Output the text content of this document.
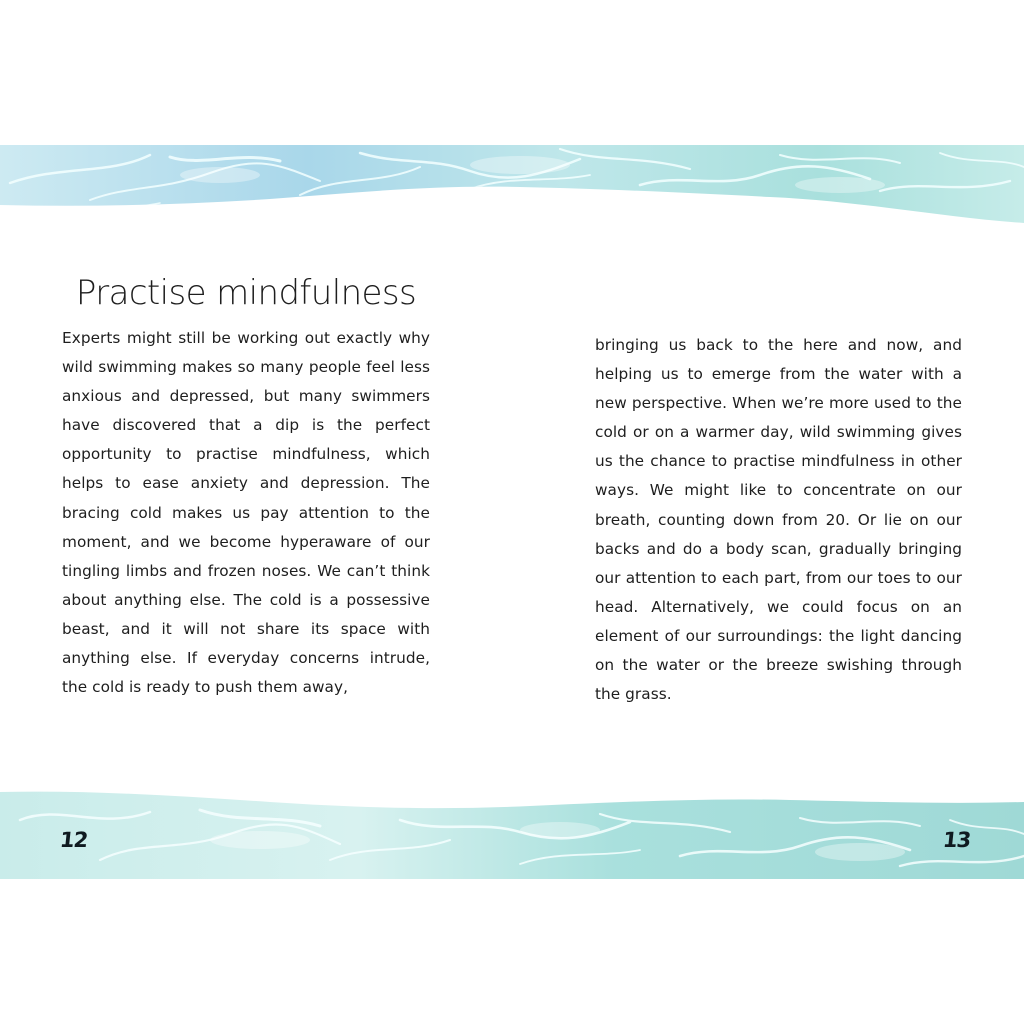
Practise mindfulness

Experts might still be working out exactly why wild swimming makes so many people feel less anxious and depressed, but many swimmers have discovered that a dip is the perfect opportunity to practise mindfulness, which helps to ease anxiety and depression. The bracing cold makes us pay attention to the moment, and we become hyperaware of our tingling limbs and frozen noses. We can’t think about anything else. The cold is a possessive beast, and it will not share its space with anything else. If everyday concerns intrude, the cold is ready to push them away,

bringing us back to the here and now, and helping us to emerge from the water with a new perspective. When we’re more used to the cold or on a warmer day, wild swimming gives us the chance to practise mindfulness in other ways. We might like to concentrate on our breath, counting down from 20. Or lie on our backs and do a body scan, gradually bringing our attention to each part, from our toes to our head. Alternatively, we could focus on an element of our surroundings: the light dancing on the water or the breeze swishing through the grass.

12	13
